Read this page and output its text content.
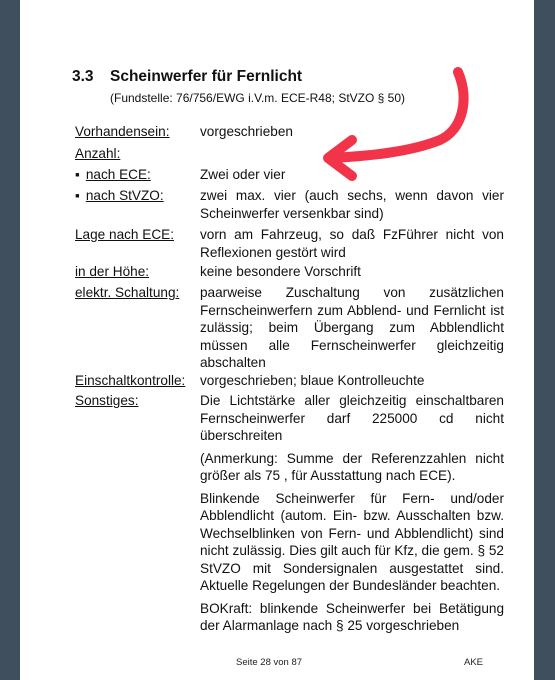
3.3 Scheinwerfer für Fernlicht
(Fundstelle: 76/756/EWG i.V.m. ECE-R48; StVZO § 50)
Vorhandensein: vorgeschrieben
Anzahl:
▪ nach ECE:	Zwei oder vier
▪ nach StVZO:	zwei max. vier (auch sechs, wenn davon vier Scheinwerfer versenkbar sind)
Lage nach ECE: vorn am Fahrzeug, so daß FzFührer nicht von Reflexionen gestört wird
in der Höhe:	keine besondere Vorschrift
elektr. Schaltung: paarweise Zuschaltung von zusätzlichen Fernscheinwerfern zum Abblend- und Fernlicht ist zulässig; beim Übergang zum Abblendlicht müssen alle Fernscheinwerfer gleichzeitig abschalten
Einschaltkontrolle: vorgeschrieben; blaue Kontrolleuchte
Sonstiges:	Die Lichtstärke aller gleichzeitig einschaltbaren Fernscheinwerfer darf 225000 cd nicht überschreiten

(Anmerkung: Summe der Referenzzahlen nicht größer als 75 , für Ausstattung nach ECE).

Blinkende Scheinwerfer für Fern- und/oder Abblendlicht (autom. Ein- bzw. Ausschalten bzw. Wechselblinken von Fern- und Abblendlicht) sind nicht zulässig. Dies gilt auch für Kfz, die gem. § 52 StVZO mit Sondersignalen ausgestattet sind. Aktuelle Regelungen der Bundesländer beachten.

BOKraft: blinkende Scheinwerfer bei Betätigung der Alarmanlage nach § 25 vorgeschrieben

Seite 28 von 87	AKE
